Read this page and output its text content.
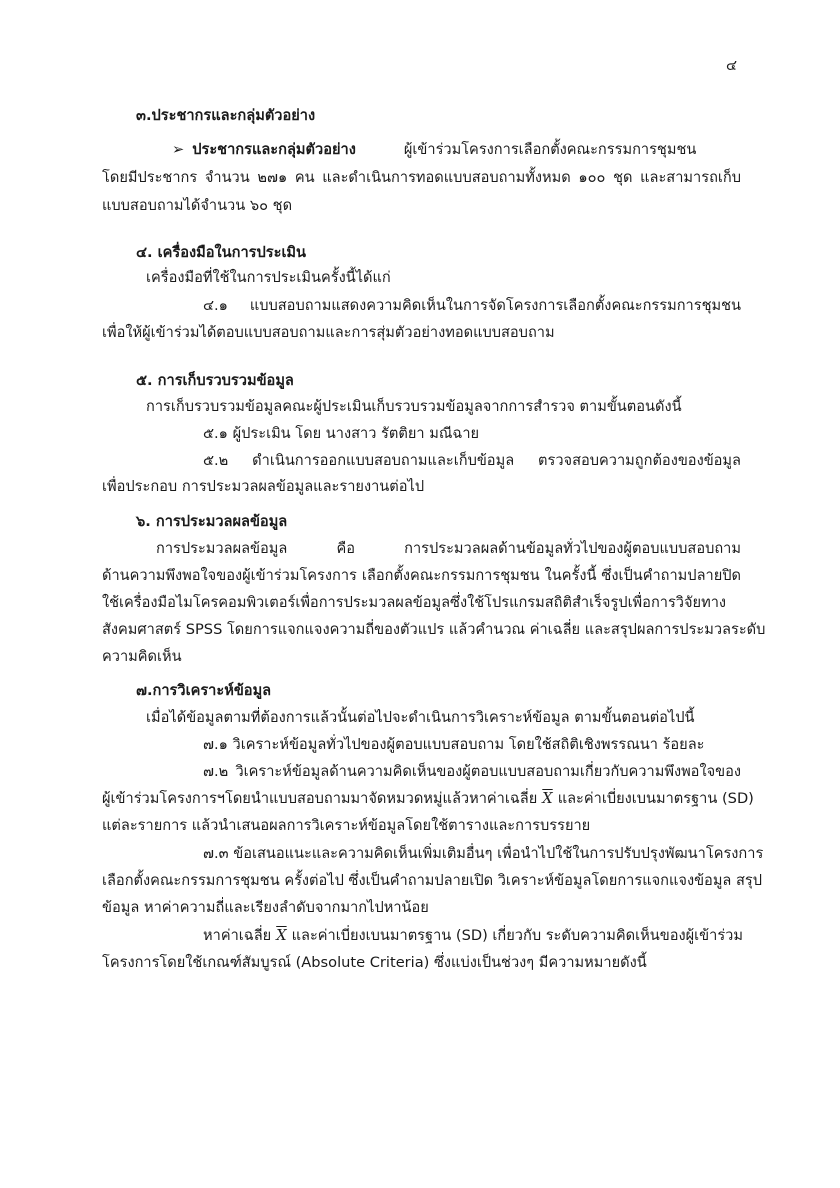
๔
๓.ประชากรและกลุ่มตัวอย่าง
➢ ประชากรและกลุ่มตัวอย่าง	ผู้เข้าร่วมโครงการเลือกตั้งคณะกรรมการชุมชน
โดยมีประชากร จำนวน ๒๗๑ คน และดำเนินการทอดแบบสอบถามทั้งหมด ๑๐๐ ชุด และสามารถเก็บ
แบบสอบถามได้จำนวน ๖๐ ชุด
๔. เครื่องมือในการประเมิน
เครื่องมือที่ใช้ในการประเมินครั้งนี้ได้แก่
๔.๑ แบบสอบถามแสดงความคิดเห็นในการจัดโครงการเลือกตั้งคณะกรรมการชุมชน
เพื่อให้ผู้เข้าร่วมได้ตอบแบบสอบถามและการสุ่มตัวอย่างทอดแบบสอบถาม
๕. การเก็บรวบรวมข้อมูล
การเก็บรวบรวมข้อมูลคณะผู้ประเมินเก็บรวบรวมข้อมูลจากการสำรวจ ตามขั้นตอนดังนี้
๕.๑ ผู้ประเมิน โดย นางสาว รัตติยา มณีฉาย
๕.๒ ดำเนินการออกแบบสอบถามและเก็บข้อมูล ตรวจสอบความถูกต้องของข้อมูล
เพื่อประกอบ การประมวลผลข้อมูลและรายงานต่อไป
๖. การประมวลผลข้อมูล
การประมวลผลข้อมูล คือ การประมวลผลด้านข้อมูลทั่วไปของผู้ตอบแบบสอบถาม
ด้านความพึงพอใจของผู้เข้าร่วมโครงการ เลือกตั้งคณะกรรมการชุมชน ในครั้งนี้ ซึ่งเป็นคำถามปลายปิด
ใช้เครื่องมือไมโครคอมพิวเตอร์เพื่อการประมวลผลข้อมูลซึ่งใช้โปรแกรมสถิติสำเร็จรูปเพื่อการวิจัยทาง
สังคมศาสตร์ SPSS โดยการแจกแจงความถี่ของตัวแปร แล้วคำนวณ ค่าเฉลี่ย และสรุปผลการประมวลระดับ
ความคิดเห็น
๗.การวิเคราะห์ข้อมูล
เมื่อได้ข้อมูลตามที่ต้องการแล้วนั้นต่อไปจะดำเนินการวิเคราะห์ข้อมูล ตามขั้นตอนต่อไปนี้
๗.๑ วิเคราะห์ข้อมูลทั่วไปของผู้ตอบแบบสอบถาม โดยใช้สถิติเชิงพรรณนา ร้อยละ
๗.๒ วิเคราะห์ข้อมูลด้านความคิดเห็นของผู้ตอบแบบสอบถามเกี่ยวกับความพึงพอใจของ
ผู้เข้าร่วมโครงการฯโดยนำแบบสอบถามมาจัดหมวดหมู่แล้วหาค่าเฉลี่ย $\overline{X}$ และค่าเบี่ยงเบนมาตรฐาน (SD)
แต่ละรายการ แล้วนำเสนอผลการวิเคราะห์ข้อมูลโดยใช้ตารางและการบรรยาย
๗.๓ ข้อเสนอแนะและความคิดเห็นเพิ่มเติมอื่นๆ เพื่อนำไปใช้ในการปรับปรุงพัฒนาโครงการ
เลือกตั้งคณะกรรมการชุมชน ครั้งต่อไป ซึ่งเป็นคำถามปลายเปิด วิเคราะห์ข้อมูลโดยการแจกแจงข้อมูล สรุป
ข้อมูล หาค่าความถี่และเรียงลำดับจากมากไปหาน้อย
หาค่าเฉลี่ย $\overline{X}$ และค่าเบี่ยงเบนมาตรฐาน (SD) เกี่ยวกับ ระดับความคิดเห็นของผู้เข้าร่วม
โครงการโดยใช้เกณฑ์สัมบูรณ์ (Absolute Criteria) ซึ่งแบ่งเป็นช่วงๆ มีความหมายดังนี้
